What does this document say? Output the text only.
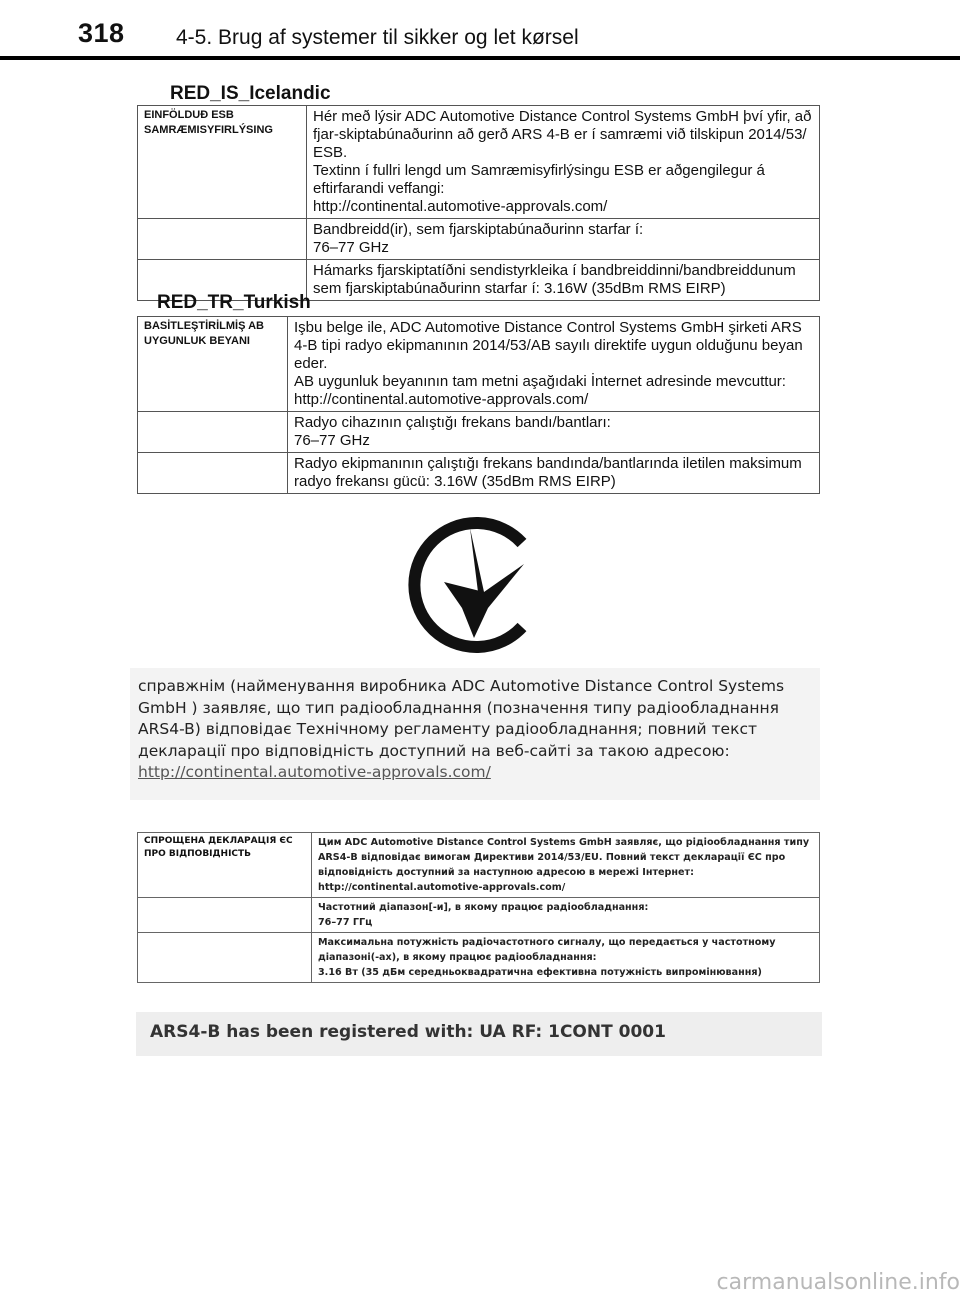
318 4-5. Brug af systemer til sikker og let kørsel
RED_IS_Icelandic
EINFÖLDUÐ ESB SAMRÆMISYFIRLÝSING	Hér með lýsir ADC Automotive Distance Control Systems GmbH því yfir, að fjar-skiptabúnaðurinn að gerð ARS 4-B er í samræmi við tilskipun 2014/53/ ESB.

Textinn í fullri lengd um Samræmisyfirlýsingu ESB er aðgengilegur á eftirfarandi veffangi:

http://continental.automotive-approvals.com/

	Bandbreidd(ir), sem fjarskiptabúnaðurinn starfar í:

76–77 GHz

	Hámarks fjarskiptatíðni sendistyrkleika í bandbreiddinni/bandbreiddunum sem fjarskiptabúnaðurinn starfar í: 3.16W (35dBm RMS EIRP)

RED_TR_Turkish
BASİTLEŞTİRİLMİŞ AB UYGUNLUK BEYANI	Işbu belge ile, ADC Automotive Distance Control Systems GmbH şirketi ARS 4-B tipi radyo ekipmanının 2014/53/AB sayılı direktife uygun olduğunu beyan eder.

AB uygunluk beyanının tam metni aşağıdaki İnternet adresinde mevcuttur:

http://continental.automotive-approvals.com/

	Radyo cihazının çalıştığı frekans bandı/bantları:

76–77 GHz

	Radyo ekipmanının çalıştığı frekans bandında/bantlarında iletilen maksimum radyo frekansı gücü: 3.16W (35dBm RMS EIRP)

справжнім (найменування виробника ADC Automotive Distance Control Systems GmbH ) заявляє, що тип радіообладнання (позначення типу радіообладнання ARS4-B) відповідає Технічному регламенту радіообладнання; повний текст декларації про відповідність доступний на веб-сайті за такою адресою: http://continental.automotive-approvals.com/

СПРОЩЕНА ДЕКЛАРАЦІЯ ЄС ПРО ВІДПОВІДНІСТЬ	Цим ADC Automotive Distance Control Systems GmbH заявляє, що рiдіообладнання типу ARS4-B відповідає вимогам Директиви 2014/53/EU. Повний текст декларації ЄС про відповідність доступний за наступною адресою в мережі Інтернет:

http://continental.automotive-approvals.com/

	Частотний діапазон[-и], в якому працює радіообладнання:

76–77 ГГц

	Максимальна потужність радіочастотного сигналу, що передається у частотному діапазоні(-ах), в якому працює радіообладнання:

3.16 Вт (35 дБм середньоквадратична ефективна потужність випромінювання)

ARS4-B has been registered with: UA RF: 1CONT 0001
carmanualsonline.info
